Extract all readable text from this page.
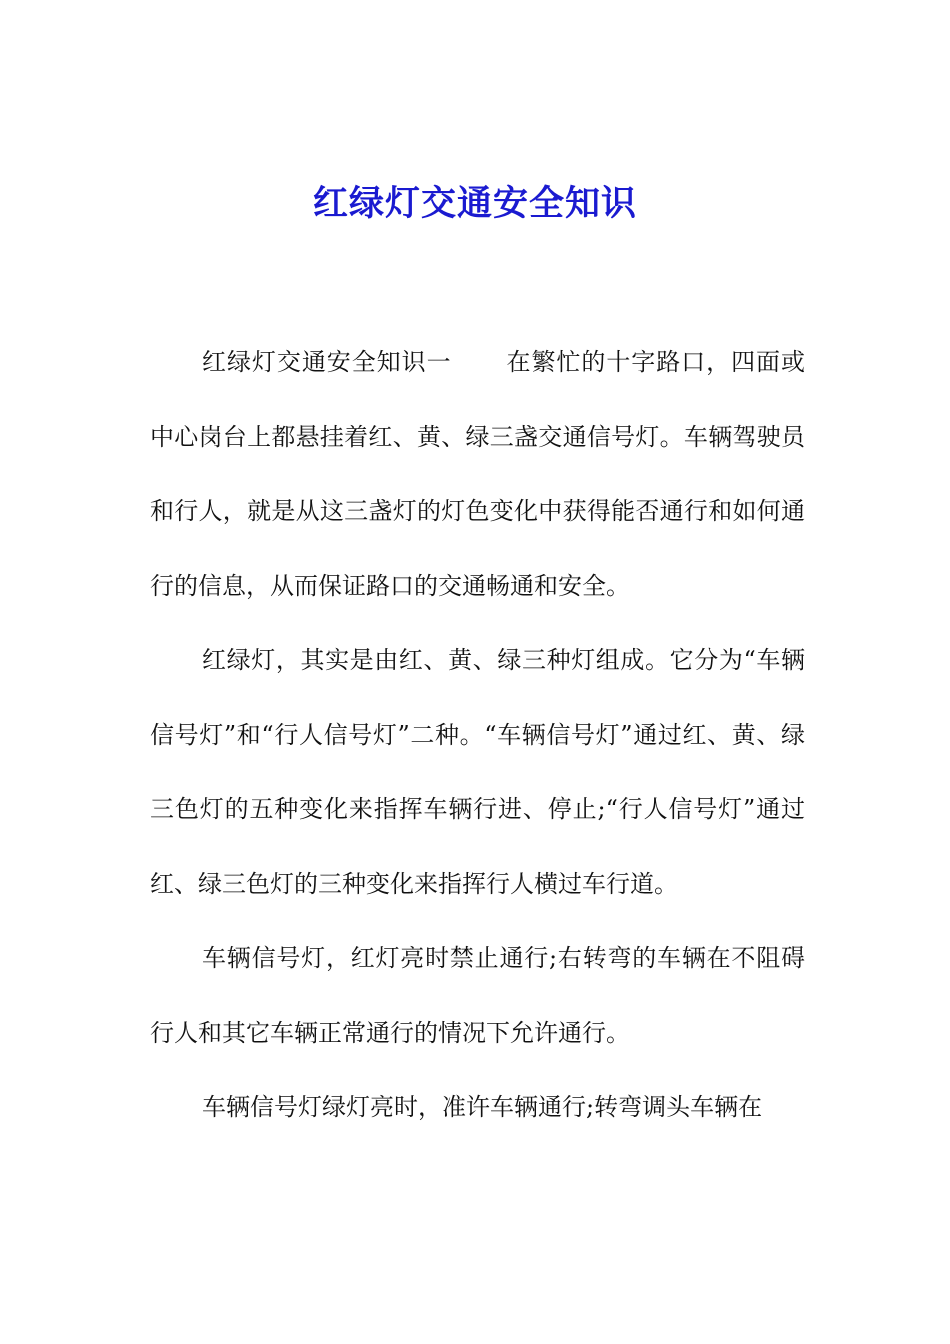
红绿灯交通安全知识

红绿灯交通安全知识一 在繁忙的十字路口，四面或中心岗台上都悬挂着红、黄、绿三盏交通信号灯。车辆驾驶员和行人，就是从这三盏灯的灯色变化中获得能否通行和如何通行的信息，从而保证路口的交通畅通和安全。

红绿灯，其实是由红、黄、绿三种灯组成。它分为“车辆信号灯”和“行人信号灯”二种。“车辆信号灯”通过红、黄、绿三色灯的五种变化来指挥车辆行进、停止;“行人信号灯”通过红、绿三色灯的三种变化来指挥行人横过车行道。

车辆信号灯，红灯亮时禁止通行;右转弯的车辆在不阻碍行人和其它车辆正常通行的情况下允许通行。

车辆信号灯绿灯亮时，准许车辆通行;转弯调头车辆在
